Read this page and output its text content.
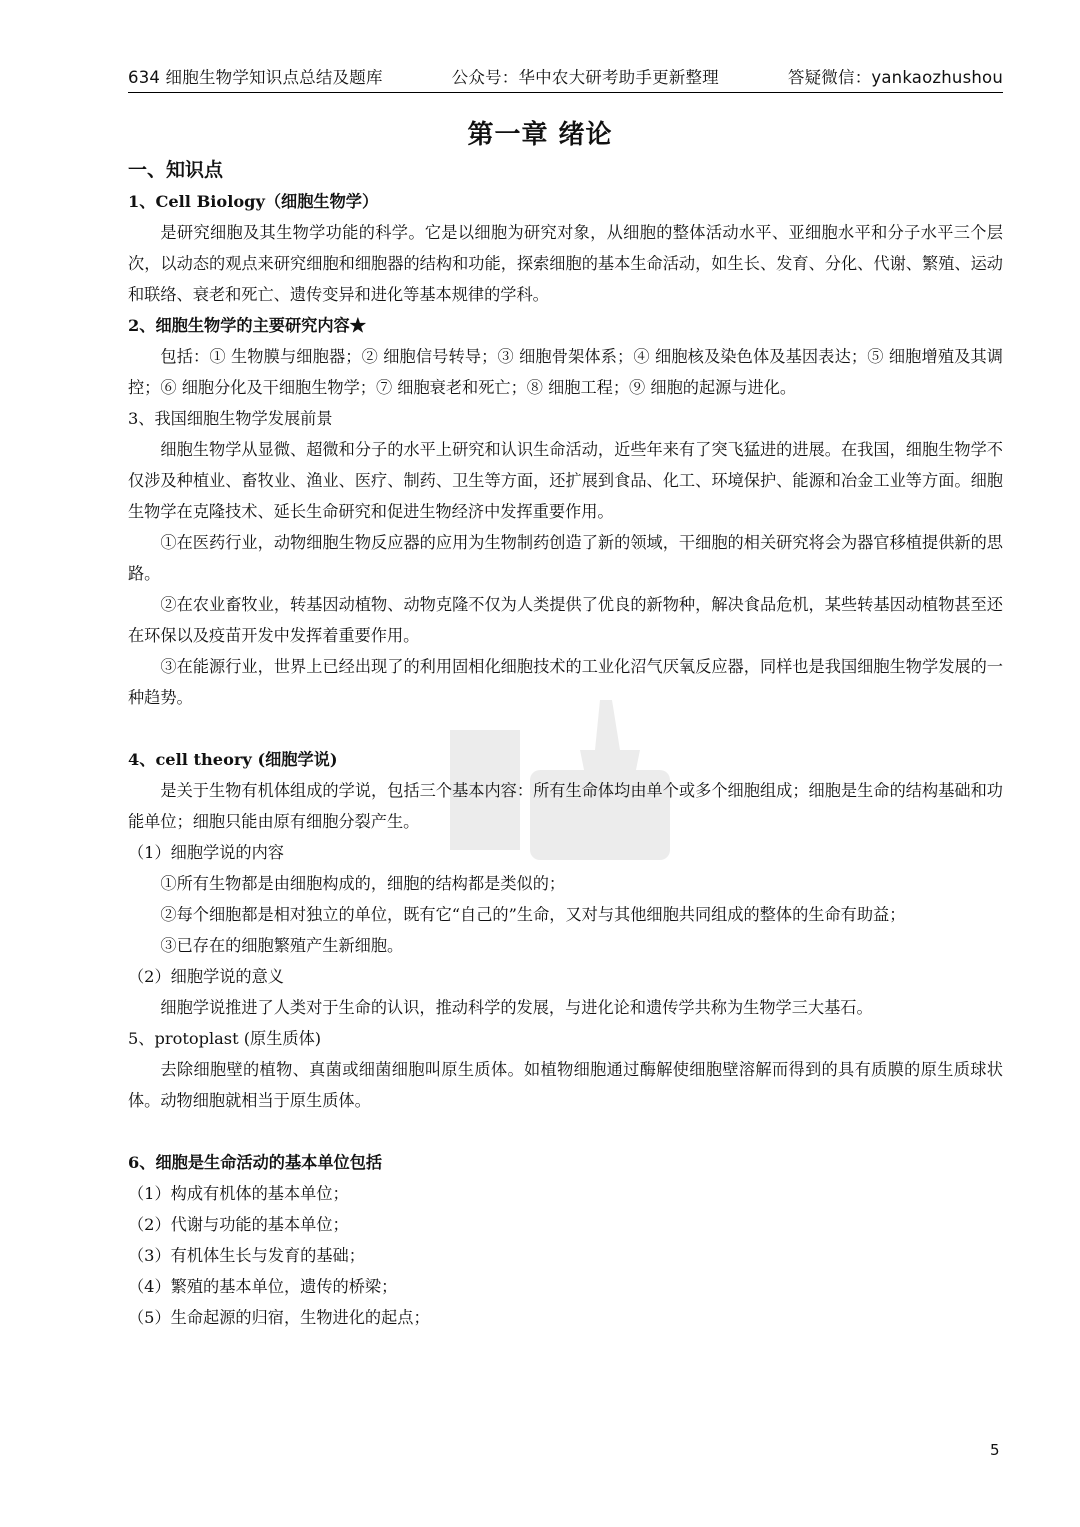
634 细胞生物学知识点总结及题库	公众号：华中农大研考助手更新整理	答疑微信：yankaozhushou
第一章 绪论
一、知识点
1、Cell Biology（细胞生物学）

是研究细胞及其生物学功能的科学。它是以细胞为研究对象，从细胞的整体活动水平、亚细胞水平和分子水平三个层次，以动态的观点来研究细胞和细胞器的结构和功能，探索细胞的基本生命活动，如生长、发育、分化、代谢、繁殖、运动和联络、衰老和死亡、遗传变异和进化等基本规律的学科。

2、细胞生物学的主要研究内容★

包括：① 生物膜与细胞器；② 细胞信号转导；③ 细胞骨架体系；④ 细胞核及染色体及基因表达；⑤ 细胞增殖及其调控；⑥ 细胞分化及干细胞生物学；⑦ 细胞衰老和死亡；⑧ 细胞工程；⑨ 细胞的起源与进化。

3、我国细胞生物学发展前景

细胞生物学从显微、超微和分子的水平上研究和认识生命活动，近些年来有了突飞猛进的进展。在我国，细胞生物学不仅涉及种植业、畜牧业、渔业、医疗、制药、卫生等方面，还扩展到食品、化工、环境保护、能源和冶金工业等方面。细胞生物学在克隆技术、延长生命研究和促进生物经济中发挥重要作用。

①在医药行业，动物细胞生物反应器的应用为生物制药创造了新的领域，干细胞的相关研究将会为器官移植提供新的思路。

②在农业畜牧业，转基因动植物、动物克隆不仅为人类提供了优良的新物种，解决食品危机，某些转基因动植物甚至还在环保以及疫苗开发中发挥着重要作用。

③在能源行业，世界上已经出现了的利用固相化细胞技术的工业化沼气厌氧反应器，同样也是我国细胞生物学发展的一种趋势。

4、cell theory (细胞学说)

是关于生物有机体组成的学说，包括三个基本内容：所有生命体均由单个或多个细胞组成；细胞是生命的结构基础和功能单位；细胞只能由原有细胞分裂产生。

（1）细胞学说的内容

①所有生物都是由细胞构成的，细胞的结构都是类似的；

②每个细胞都是相对独立的单位，既有它“自己的”生命，又对与其他细胞共同组成的整体的生命有助益；

③已存在的细胞繁殖产生新细胞。

（2）细胞学说的意义

细胞学说推进了人类对于生命的认识，推动科学的发展，与进化论和遗传学共称为生物学三大基石。

5、protoplast (原生质体)

去除细胞壁的植物、真菌或细菌细胞叫原生质体。如植物细胞通过酶解使细胞壁溶解而得到的具有质膜的原生质球状体。动物细胞就相当于原生质体。

6、细胞是生命活动的基本单位包括
（1）构成有机体的基本单位；
（2）代谢与功能的基本单位；
（3）有机体生长与发育的基础；
（4）繁殖的基本单位，遗传的桥梁；
（5）生命起源的归宿，生物进化的起点；
5
